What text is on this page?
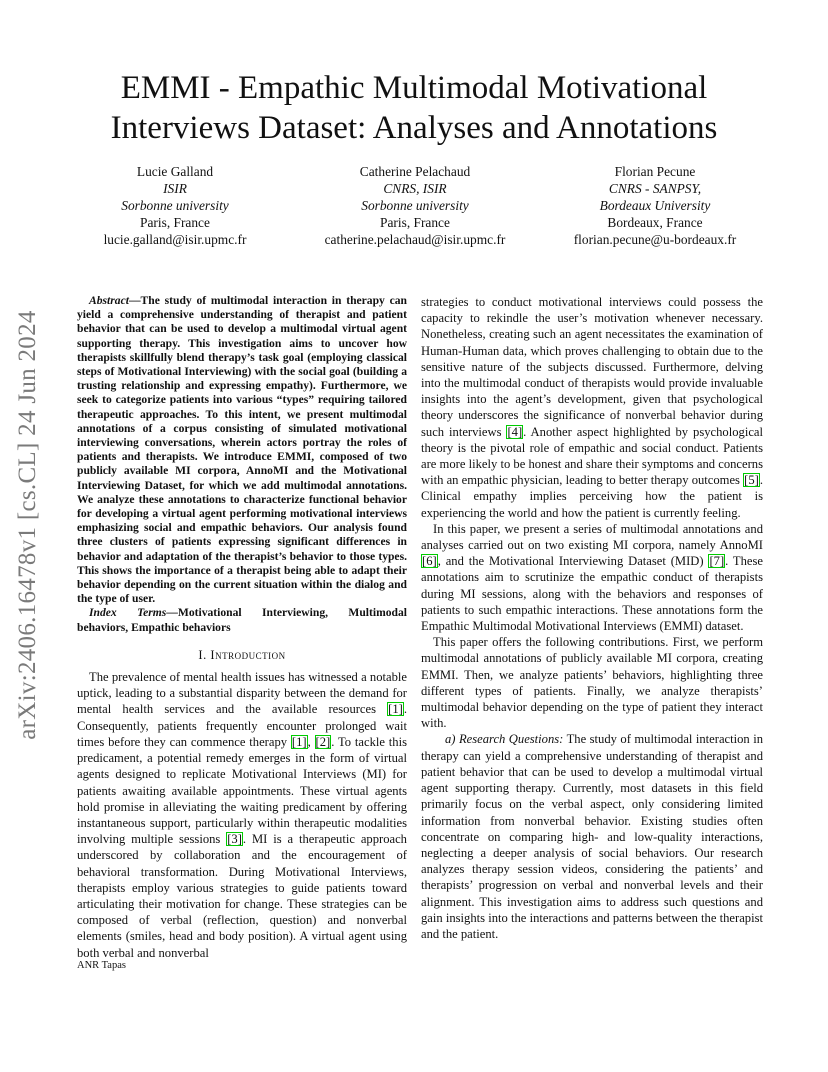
EMMI - Empathic Multimodal Motivational
Interviews Dataset: Analyses and Annotations
Lucie Galland
ISIR
Sorbonne university
Paris, France
lucie.galland@isir.upmc.fr
Catherine Pelachaud
CNRS, ISIR
Sorbonne university
Paris, France
catherine.pelachaud@isir.upmc.fr
Florian Pecune
CNRS - SANPSY,
Bordeaux University
Bordeaux, France
florian.pecune@u-bordeaux.fr
arXiv:2406.16478v1 [cs.CL] 24 Jun 2024

Abstract—The study of multimodal interaction in therapy can yield a comprehensive understanding of therapist and patient behavior that can be used to develop a multimodal virtual agent supporting therapy. This investigation aims to uncover how therapists skillfully blend therapy’s task goal (employing classical steps of Motivational Interviewing) with the social goal (building a trusting relationship and expressing empathy). Furthermore, we seek to categorize patients into various “types” requiring tailored therapeutic approaches. To this intent, we present multimodal annotations of a corpus consisting of simulated motivational interviewing conversations, wherein actors portray the roles of patients and therapists. We introduce EMMI, composed of two publicly available MI corpora, AnnoMI and the Motivational Interviewing Dataset, for which we add multimodal annotations. We analyze these annotations to characterize functional behavior for developing a virtual agent performing motivational interviews emphasizing social and empathic behaviors. Our analysis found three clusters of patients expressing significant differences in behavior and adaptation of the therapist’s behavior to those types. This shows the importance of a therapist being able to adapt their behavior depending on the current situation within the dialog and the type of user.

Index Terms—Motivational Interviewing, Multimodal behaviors, Empathic behaviors

I. Introduction

The prevalence of mental health issues has witnessed a notable uptick, leading to a substantial disparity between the demand for mental health services and the available resources [1]. Consequently, patients frequently encounter prolonged wait times before they can commence therapy [1], [2]. To tackle this predicament, a potential remedy emerges in the form of virtual agents designed to replicate Motivational Interviews (MI) for patients awaiting available appointments. These virtual agents hold promise in alleviating the waiting predicament by offering instantaneous support, particularly within therapeutic modalities involving multiple sessions [3]. MI is a therapeutic approach underscored by collaboration and the encouragement of behavioral transformation. During Motivational Interviews, therapists employ various strategies to guide patients toward articulating their motivation for change. These strategies can be composed of verbal (reflection, question) and nonverbal elements (smiles, head and body position). A virtual agent using both verbal and nonverbal

strategies to conduct motivational interviews could possess the capacity to rekindle the user’s motivation whenever necessary. Nonetheless, creating such an agent necessitates the examination of Human-Human data, which proves challenging to obtain due to the sensitive nature of the subjects discussed. Furthermore, delving into the multimodal conduct of therapists would provide invaluable insights into the agent’s development, given that psychological theory underscores the significance of nonverbal behavior during such interviews [4]. Another aspect highlighted by psychological theory is the pivotal role of empathic and social conduct. Patients are more likely to be honest and share their symptoms and concerns with an empathic physician, leading to better therapy outcomes [5]. Clinical empathy implies perceiving how the patient is experiencing the world and how the patient is currently feeling.

In this paper, we present a series of multimodal annotations and analyses carried out on two existing MI corpora, namely AnnoMI [6], and the Motivational Interviewing Dataset (MID) [7]. These annotations aim to scrutinize the empathic conduct of therapists during MI sessions, along with the behaviors and responses of patients to such empathic interactions. These annotations form the Empathic Multimodal Motivational Interviews (EMMI) dataset.

This paper offers the following contributions. First, we perform multimodal annotations of publicly available MI corpora, creating EMMI. Then, we analyze patients’ behaviors, highlighting three different types of patients. Finally, we analyze therapists’ multimodal behavior depending on the type of patient they interact with.

a) Research Questions: The study of multimodal interaction in therapy can yield a comprehensive understanding of therapist and patient behavior that can be used to develop a multimodal virtual agent supporting therapy. Currently, most datasets in this field primarily focus on the verbal aspect, only considering limited information from nonverbal behavior. Existing studies often concentrate on comparing high- and low-quality interactions, neglecting a deeper analysis of social behaviors. Our research analyzes therapy session videos, considering the patients’ and therapists’ progression on verbal and nonverbal levels and their alignment. This investigation aims to address such questions and gain insights into the interactions and patterns between the therapist and the patient.

ANR Tapas
